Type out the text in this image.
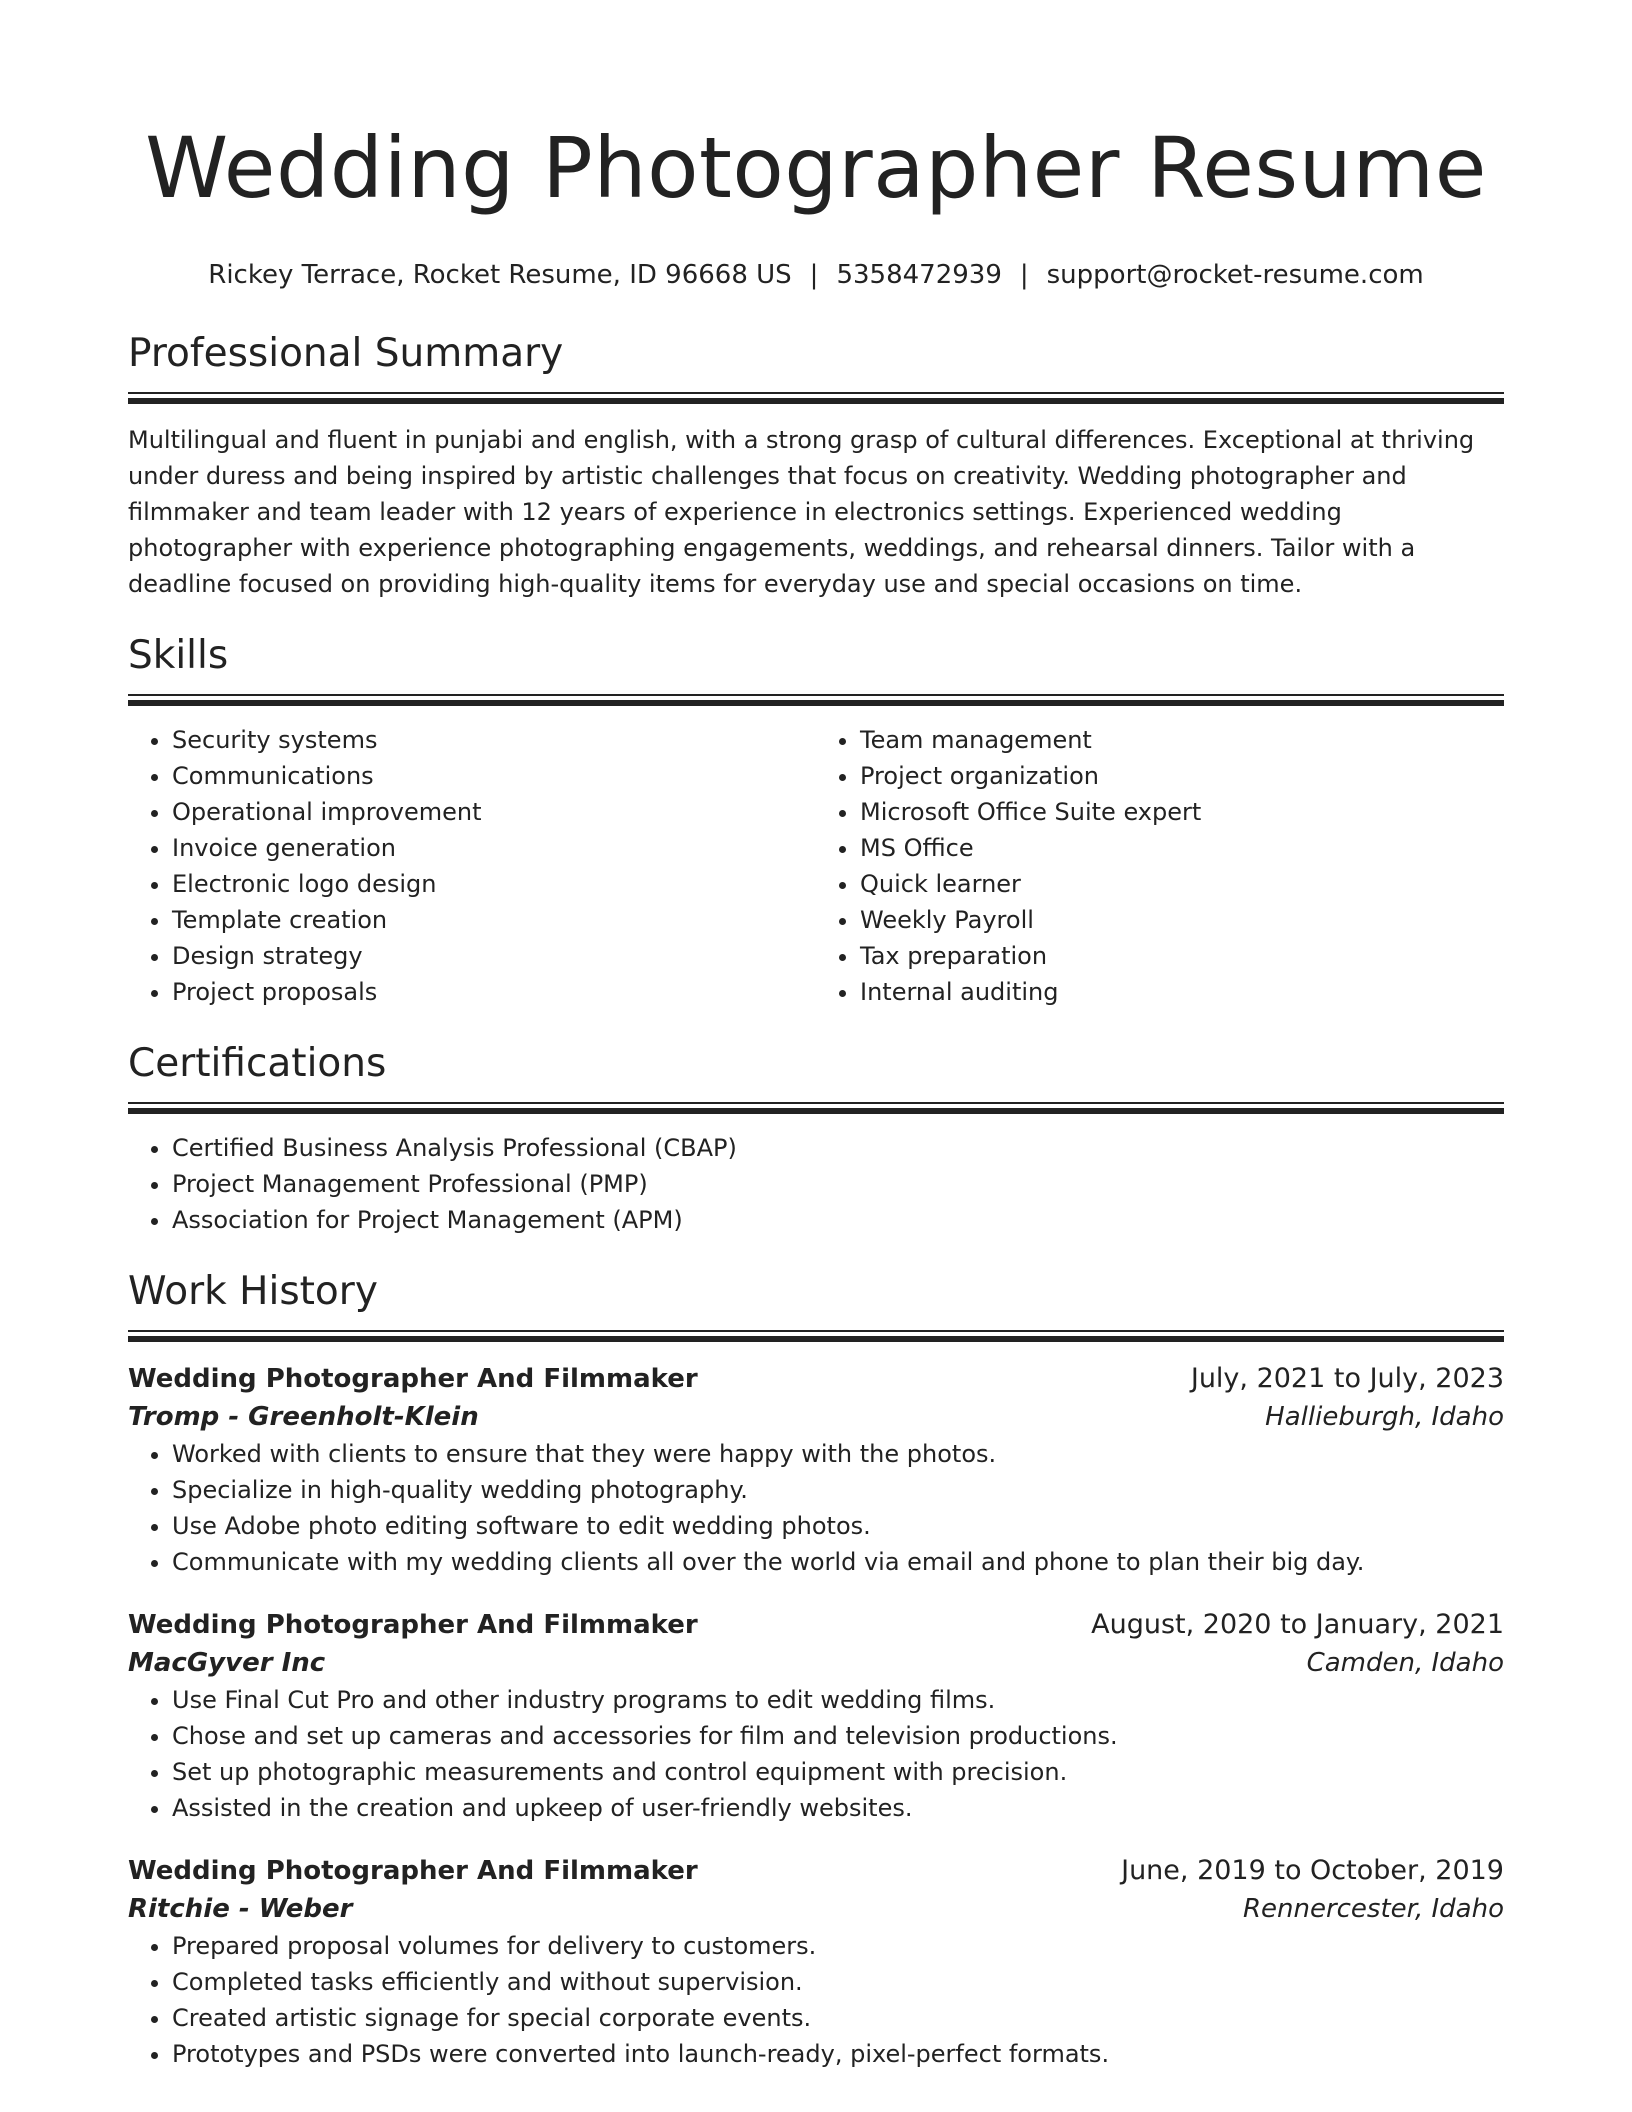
Wedding Photographer Resume
Rickey Terrace, Rocket Resume, ID 96668 US | 5358472939 | support@rocket-resume.com
Professional Summary

Multilingual and fluent in punjabi and english, with a strong grasp of cultural differences. Exceptional at thriving under duress and being inspired by artistic challenges that focus on creativity. Wedding photographer and filmmaker and team leader with 12 years of experience in electronics settings. Experienced wedding photographer with experience photographing engagements, weddings, and rehearsal dinners. Tailor with a deadline focused on providing high-quality items for everyday use and special occasions on time.

Skills
• Security systems
• Communications
• Operational improvement
• Invoice generation
• Electronic logo design
• Template creation
• Design strategy
• Project proposals
• Team management
• Project organization
• Microsoft Office Suite expert
• MS Office
• Quick learner
• Weekly Payroll
• Tax preparation
• Internal auditing
Certifications
• Certified Business Analysis Professional (CBAP)
• Project Management Professional (PMP)
• Association for Project Management (APM)
Work History
Wedding Photographer And Filmmaker	July, 2021 to July, 2023
Tromp - Greenholt-Klein	Hallieburgh, Idaho
• Worked with clients to ensure that they were happy with the photos.
• Specialize in high-quality wedding photography.
• Use Adobe photo editing software to edit wedding photos.
• Communicate with my wedding clients all over the world via email and phone to plan their big day.
Wedding Photographer And Filmmaker	August, 2020 to January, 2021
MacGyver Inc	Camden, Idaho
• Use Final Cut Pro and other industry programs to edit wedding films.
• Chose and set up cameras and accessories for film and television productions.
• Set up photographic measurements and control equipment with precision.
• Assisted in the creation and upkeep of user-friendly websites.
Wedding Photographer And Filmmaker	June, 2019 to October, 2019
Ritchie - Weber	Rennercester, Idaho
• Prepared proposal volumes for delivery to customers.
• Completed tasks efficiently and without supervision.
• Created artistic signage for special corporate events.
• Prototypes and PSDs were converted into launch-ready, pixel-perfect formats.
